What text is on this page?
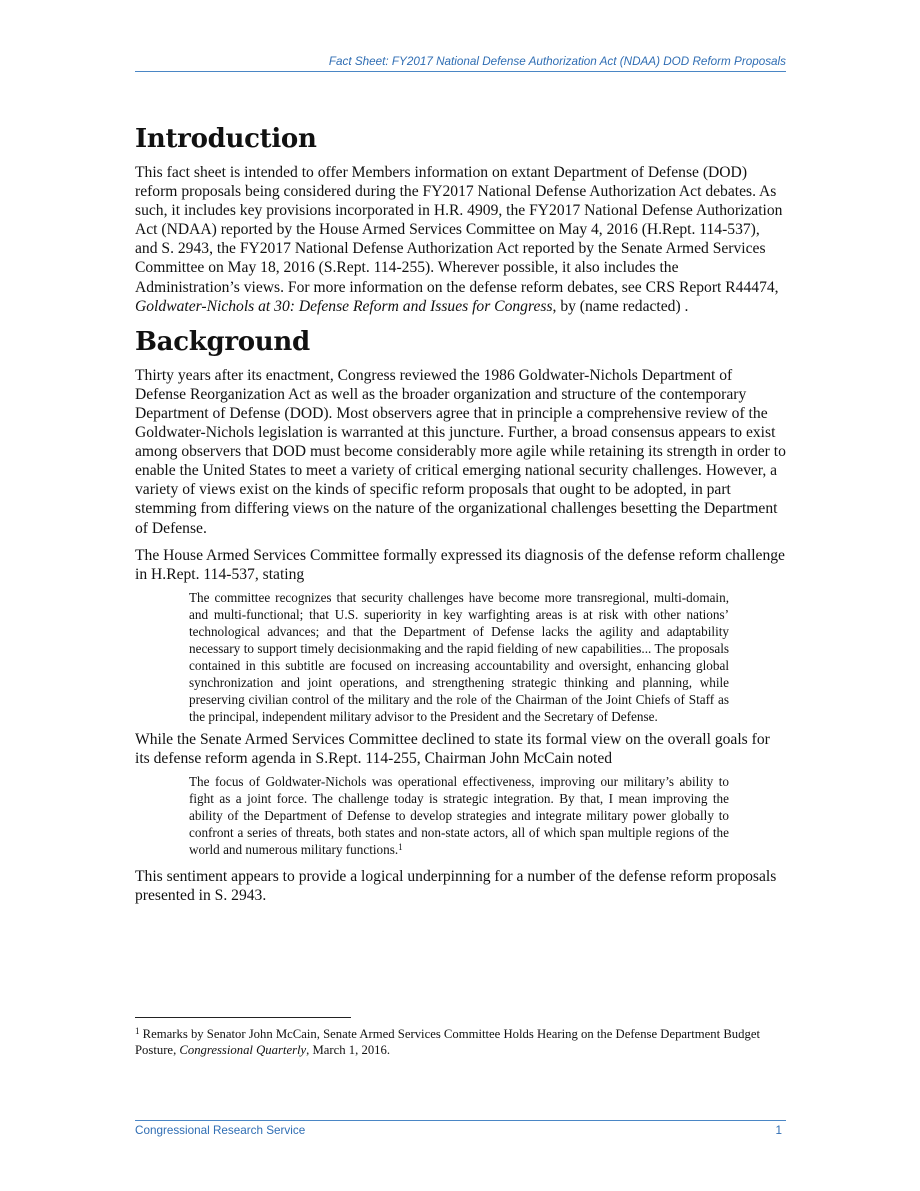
Fact Sheet: FY2017 National Defense Authorization Act (NDAA) DOD Reform Proposals
Introduction

This fact sheet is intended to offer Members information on extant Department of Defense (DOD) reform proposals being considered during the FY2017 National Defense Authorization Act debates. As such, it includes key provisions incorporated in H.R. 4909, the FY2017 National Defense Authorization Act (NDAA) reported by the House Armed Services Committee on May 4, 2016 (H.Rept. 114-537), and S. 2943, the FY2017 National Defense Authorization Act reported by the Senate Armed Services Committee on May 18, 2016 (S.Rept. 114-255). Wherever possible, it also includes the Administration’s views. For more information on the defense reform debates, see CRS Report R44474, Goldwater-Nichols at 30: Defense Reform and Issues for Congress, by (name redacted) .

Background

Thirty years after its enactment, Congress reviewed the 1986 Goldwater-Nichols Department of Defense Reorganization Act as well as the broader organization and structure of the contemporary Department of Defense (DOD). Most observers agree that in principle a comprehensive review of the Goldwater-Nichols legislation is warranted at this juncture. Further, a broad consensus appears to exist among observers that DOD must become considerably more agile while retaining its strength in order to enable the United States to meet a variety of critical emerging national security challenges. However, a variety of views exist on the kinds of specific reform proposals that ought to be adopted, in part stemming from differing views on the nature of the organizational challenges besetting the Department of Defense.

The House Armed Services Committee formally expressed its diagnosis of the defense reform challenge in H.Rept. 114-537, stating

The committee recognizes that security challenges have become more transregional, multi-domain, and multi-functional; that U.S. superiority in key warfighting areas is at risk with other nations’ technological advances; and that the Department of Defense lacks the agility and adaptability necessary to support timely decisionmaking and the rapid fielding of new capabilities... The proposals contained in this subtitle are focused on increasing accountability and oversight, enhancing global synchronization and joint operations, and strengthening strategic thinking and planning, while preserving civilian control of the military and the role of the Chairman of the Joint Chiefs of Staff as the principal, independent military advisor to the President and the Secretary of Defense.

While the Senate Armed Services Committee declined to state its formal view on the overall goals for its defense reform agenda in S.Rept. 114-255, Chairman John McCain noted

The focus of Goldwater-Nichols was operational effectiveness, improving our military’s ability to fight as a joint force. The challenge today is strategic integration. By that, I mean improving the ability of the Department of Defense to develop strategies and integrate military power globally to confront a series of threats, both states and non-state actors, all of which span multiple regions of the world and numerous military functions.$^1$

This sentiment appears to provide a logical underpinning for a number of the defense reform proposals presented in S. 2943.

$^1$ Remarks by Senator John McCain, Senate Armed Services Committee Holds Hearing on the Defense Department Budget Posture, Congressional Quarterly, March 1, 2016.
Congressional Research Service	1
